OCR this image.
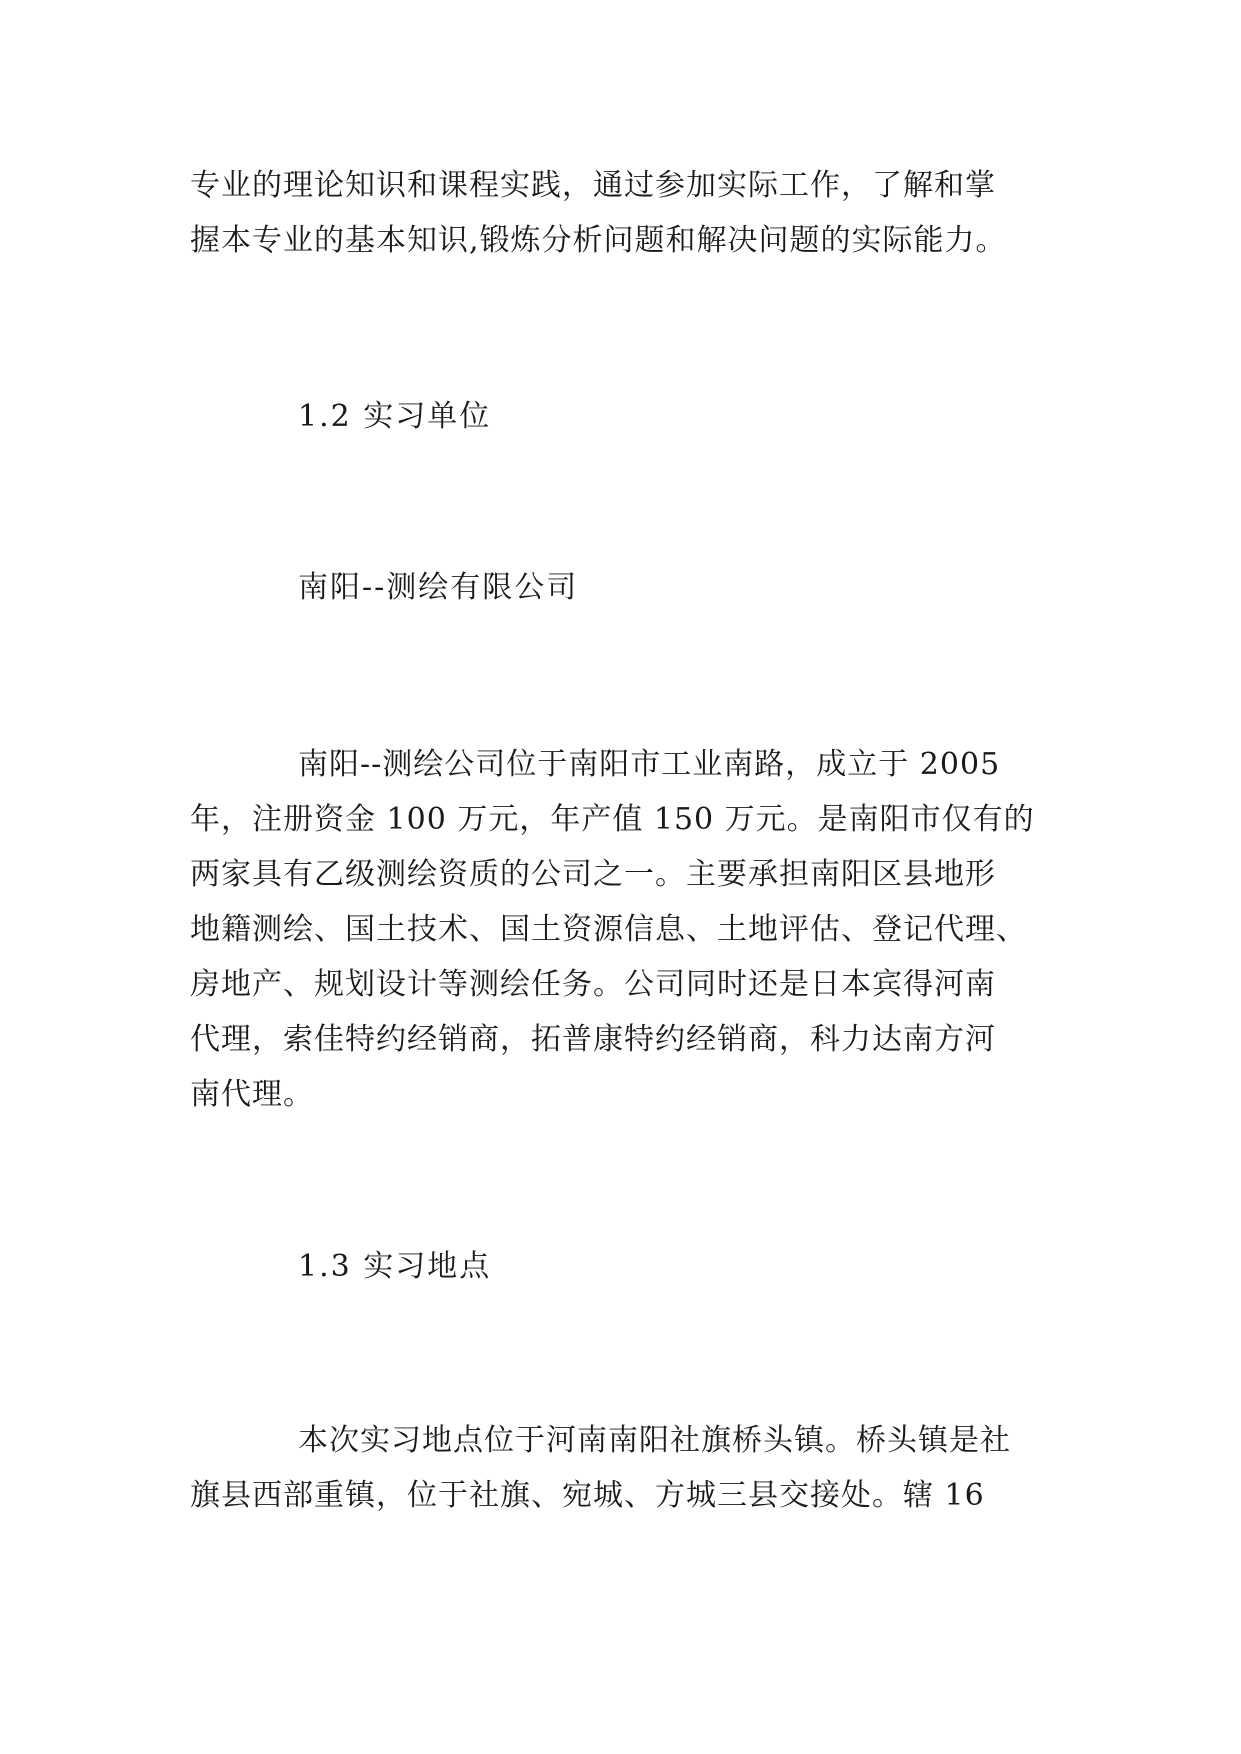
专业的理论知识和课程实践，通过参加实际工作，了解和掌
握本专业的基本知识,锻炼分析问题和解决问题的实际能力。

1.2 实习单位

南阳--测绘有限公司

南阳--测绘公司位于南阳市工业南路，成立于 2005
年，注册资金 100 万元，年产值 150 万元。是南阳市仅有的
两家具有乙级测绘资质的公司之一。主要承担南阳区县地形
地籍测绘、国土技术、国土资源信息、土地评估、登记代理、
房地产、规划设计等测绘任务。公司同时还是日本宾得河南
代理，索佳特约经销商，拓普康特约经销商，科力达南方河
南代理。

1.3 实习地点

本次实习地点位于河南南阳社旗桥头镇。桥头镇是社
旗县西部重镇，位于社旗、宛城、方城三县交接处。辖 16
